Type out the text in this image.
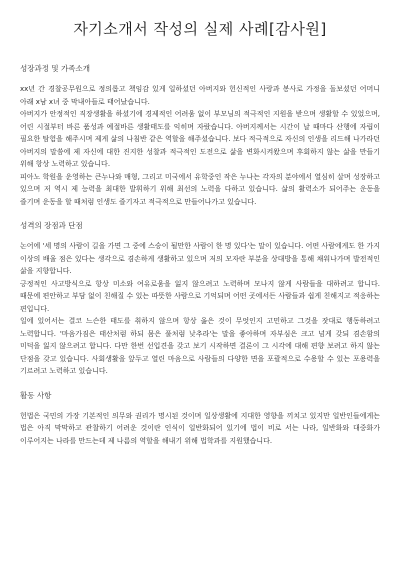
자기소개서 작성의 실제 사례[감사원]
성장과정 및 가족소개

xx년 간 경찰공무원으로 정의롭고 책임감 있게 일하셨던 아버지와 헌신적인 사랑과 봉사로 가정을 돌보셨던 어머니 아래 x남 x녀 중 막내아들로 태어났습니다.

아버지가 안정적인 직장생활을 하셨기에 경제적인 어려움 없이 부모님의 적극적인 지원을 받으며 생활할 수 있었으며, 어린 시절부터 바른 품성과 예절바른 생활태도를 익히며 자랐습니다. 아버지께서는 시간이 날 때마다 산행에 자립이 필요한 탐험을 해주시며 제게 삶의 나침반 같은 역할을 해주셨습니다. 보다 적극적으로 자신의 인생을 리드해 나가라던 아버지의 말씀에 제 자신에 대한 진지한 성찰과 적극적인 도전으로 삶을 변화시켜왔으며 후회하지 않는 삶을 만들기 위해 항상 노력하고 있습니다.

피아노 학원을 운영하는 큰누나와 매형, 그리고 미국에서 유학중인 작은 누나는 각자의 분야에서 열심히 살며 성장하고 있으며 저 역시 제 능력을 최대한 발휘하기 위해 최선의 노력을 다하고 있습니다. 삶의 활력소가 되어주는 운동을 즐기며 운동을 할 때처럼 인생도 즐기자고 적극적으로 만들어나가고 있습니다.

성격의 장점과 단점

논어에 '세 명의 사람이 길을 가면 그 중에 스승이 될만한 사람이 한 명 있다'는 말이 있습니다. 어떤 사람에게도 한 가지 이상의 배울 점은 있다는 생각으로 겸손하게 생활하고 있으며 저의 모자란 부분을 상대방을 통해 채워나가며 발전적인 삶을 지향합니다.

긍정적인 사고방식으로 항상 미소와 여유로움을 잃지 않으려고 노력하며 모나지 않게 사람들을 대하려고 합니다. 때문에 편안하고 부담 없이 친해질 수 있는 따뜻한 사람으로 기억되며 어떤 곳에서든 사람들과 쉽게 친해지고 적응하는 편입니다.

일에 있어서는 결코 느슨한 태도를 취하지 않으며 항상 옳은 것이 무엇인지 고민하고 그것을 잣대로 행동하려고 노력합니다. '마음가짐은 태산처럼 하되 몸은 풀처럼 낮추라'는 말을 좋아하며 자부심은 크고 넘게 갖되 겸손함의 미덕을 잃지 않으려고 합니다. 다만 한번 선입견을 갖고 보기 시작하면 결론이 그 시각에 대해 편향 보려고 하지 않는 단점을 갖고 있습니다. 사회생활을 앞두고 열린 마음으로 사람들의 다양한 면을 포괄적으로 수용할 수 있는 포용력을 기르려고 노력하고 있습니다.

활동 사항

헌법은 국민의 가장 기본적인 의무와 권리가 명시된 것이며 일상생활에 지대한 영향을 끼치고 있지만 일반인들에게는 법은 아직 막막하고 관찰하기 어려운 것이란 인식이 일반화되어 있기에 법이 비로 서는 나라, 일반화와 대중화가 이루어지는 나라를 만드는데 제 나름의 역할을 해내기 위해 법학과를 지원했습니다.
